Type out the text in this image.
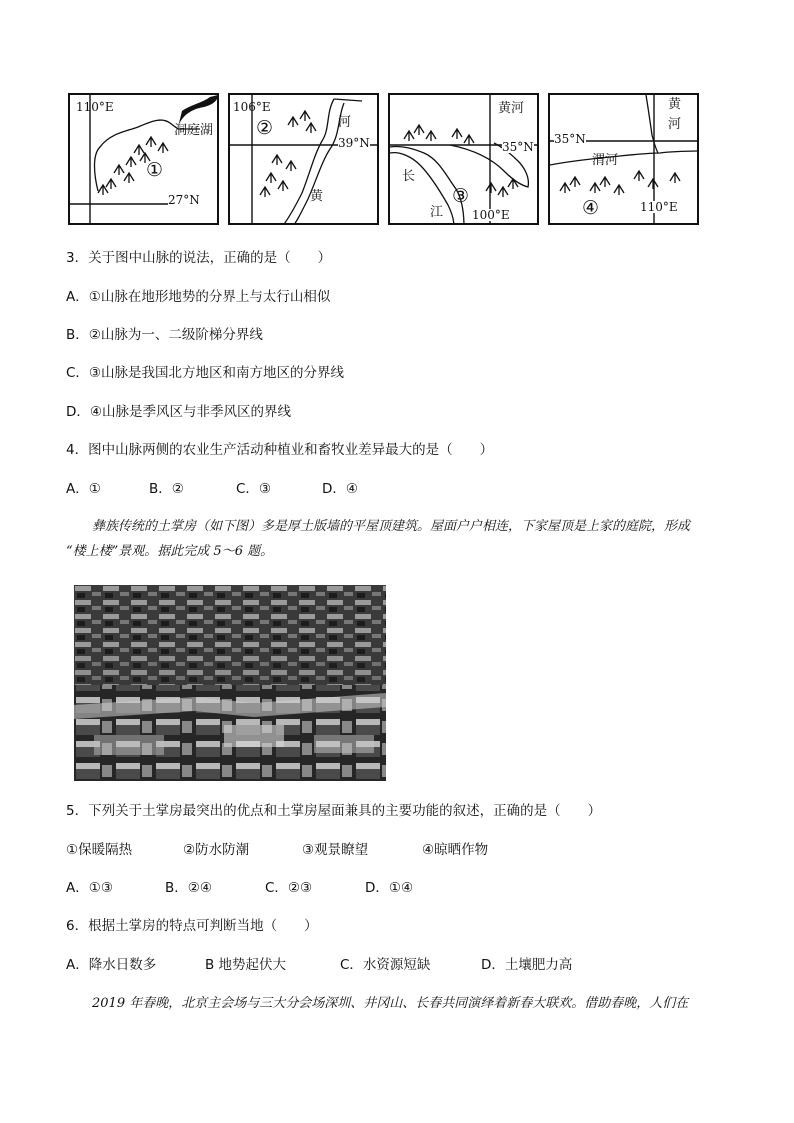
110°E
洞庭湖
①
27°N
106°E
②	河
39°N
黄
黄河
35°N
长
③
江 100°E
黄
河
35°N
渭河
④	110°E
3．关于图中山脉的说法，正确的是（　　）
A．①山脉在地形地势的分界上与太行山相似
B．②山脉为一、二级阶梯分界线
C．③山脉是我国北方地区和南方地区的分界线
D．④山脉是季风区与非季风区的界线
4．图中山脉两侧的农业生产活动种植业和畜牧业差异最大的是（　　）
A．①	B．②	C．③	D．④
彝族传统的土掌房（如下图）多是厚土版墙的平屋顶建筑。屋面户户相连，下家屋顶是上家的庭院，形成
“楼上楼”景观。据此完成 5～6 题。
5．下列关于土掌房最突出的优点和土掌房屋面兼具的主要功能的叙述，正确的是（　　）
①保暖隔热	②防水防潮	③观景瞭望	④晾晒作物
A．①③	B．②④	C．②③	D．①④
6．根据土掌房的特点可判断当地（　　）
A．降水日数多	B 地势起伏大	C．水资源短缺	D．土壤肥力高
2019 年春晚，北京主会场与三大分会场深圳、井冈山、长春共同演绎着新春大联欢。借助春晚，人们在
